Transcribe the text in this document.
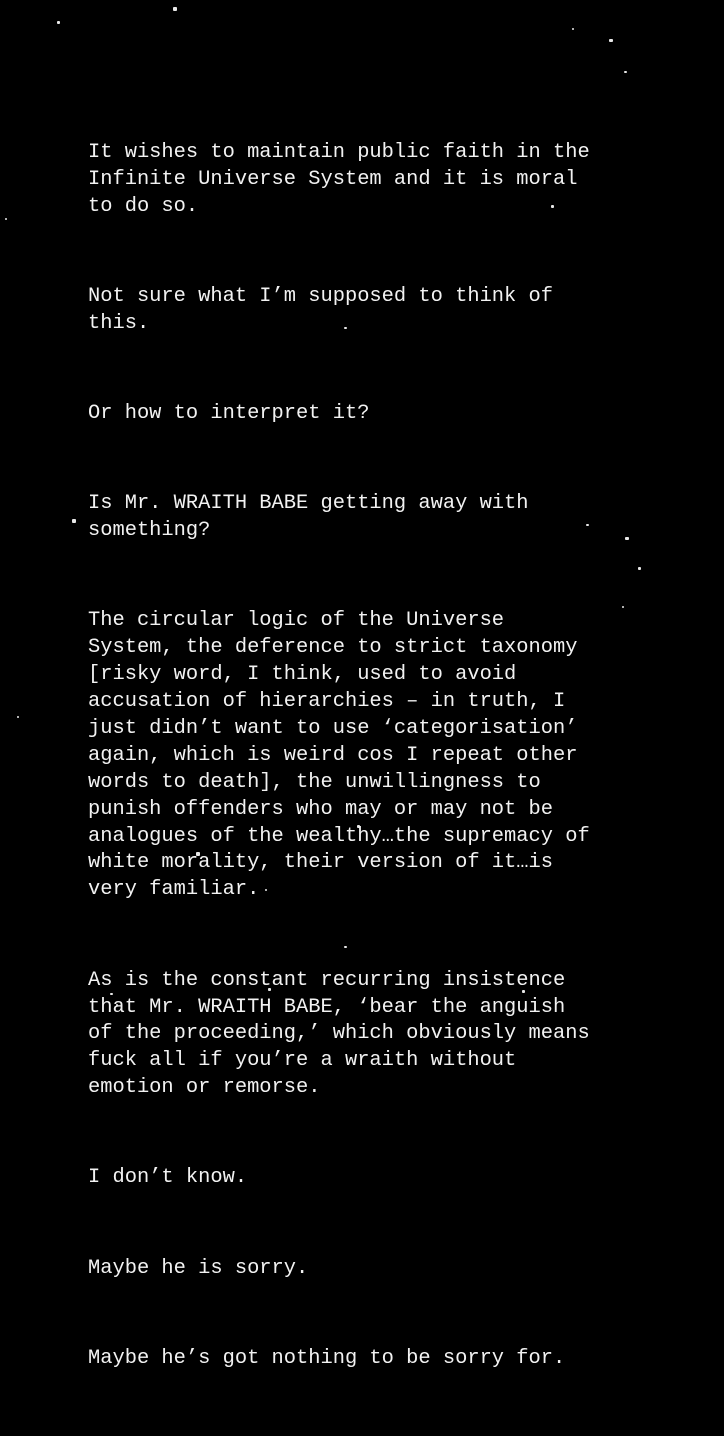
It wishes to maintain public faith in the
Infinite Universe System and it is moral
to do so.

Not sure what I’m supposed to think of
this.

Or how to interpret it?

Is Mr. WRAITH BABE getting away with
something?

The circular logic of the Universe
System, the deference to strict taxonomy
[risky word, I think, used to avoid
accusation of hierarchies – in truth, I
just didn’t want to use ‘categorisation’
again, which is weird cos I repeat other
words to death], the unwillingness to
punish offenders who may or may not be
analogues of the wealthy…the supremacy of
white morality, their version of it…is
very familiar.

As is the constant recurring insistence
that Mr. WRAITH BABE, ‘bear the anguish
of the proceeding,’ which obviously means
fuck all if you’re a wraith without
emotion or remorse.

I don’t know.

Maybe he is sorry.

Maybe he’s got nothing to be sorry for.
